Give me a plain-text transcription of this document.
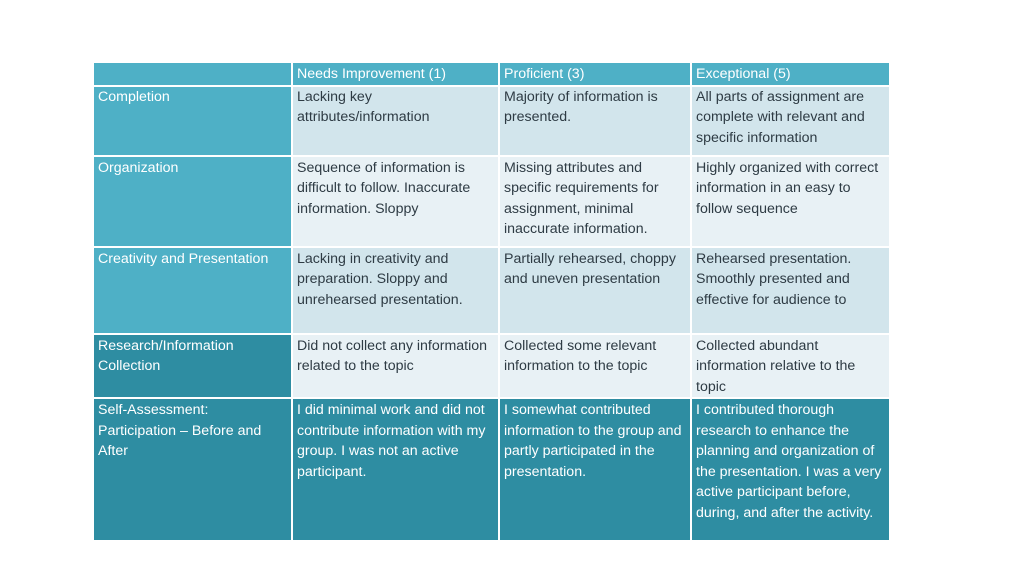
	Needs Improvement (1)	Proficient (3)	Exceptional (5)
Completion	Lacking key attributes/information	Majority of information is presented.	All parts of assignment are complete with relevant and specific information
Organization	Sequence of information is difficult to follow. Inaccurate information. Sloppy	Missing attributes and specific requirements for assignment, minimal inaccurate information.	Highly organized with correct information in an easy to follow sequence
Creativity and Presentation	Lacking in creativity and preparation. Sloppy and unrehearsed presentation.	Partially rehearsed, choppy and uneven presentation	Rehearsed presentation. Smoothly presented and effective for audience to
Research/Information Collection	Did not collect any information related to the topic	Collected some relevant information to the topic	Collected abundant information relative to the topic
Self-Assessment: Participation – Before and After	I did minimal work and did not contribute information with my group. I was not an active participant.	I somewhat contributed information to the group and partly participated in the presentation.	I contributed thorough research to enhance the planning and organization of the presentation. I was a very active participant before, during, and after the activity.
